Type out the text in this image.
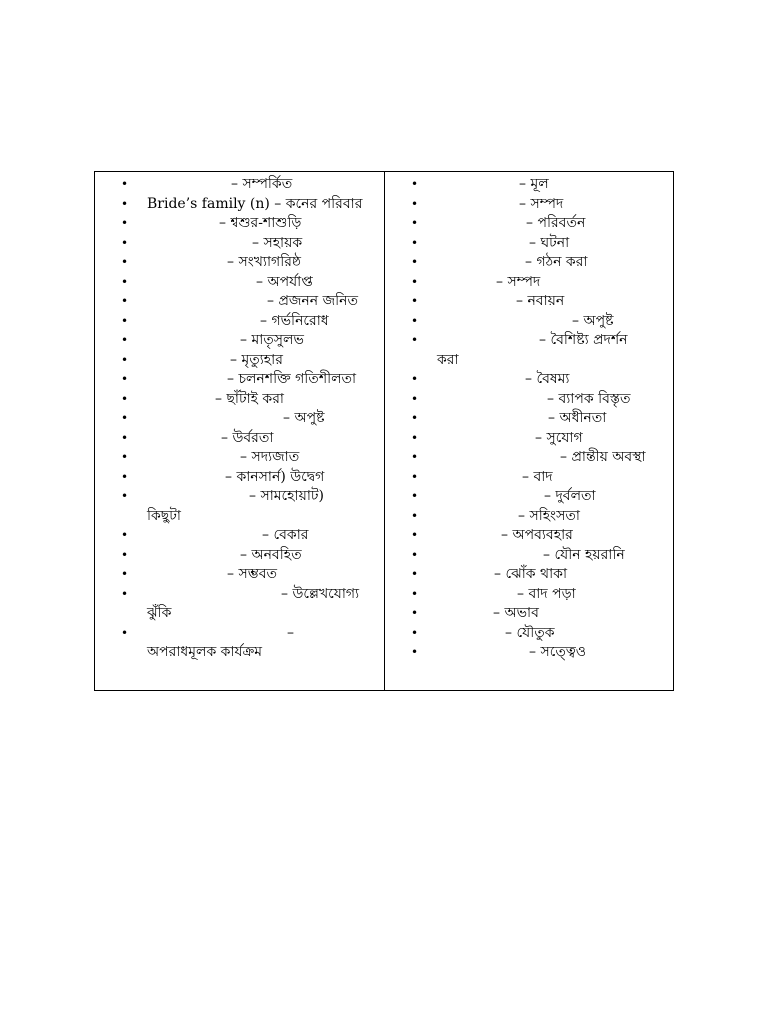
•	– সম্পর্কিত
• Bride’s family (n) – কনের পরিবার
•	– শ্বশুর-শাশুড়ি
•	– সহায়ক
•	– সংখ্যাগরিষ্ঠ
•	– অপর্যাপ্ত
•	– প্রজনন জনিত
•	– গর্ভনিরোধ
•	– মাতৃসুলভ
•	– মৃত্যুহার
•	– চলনশক্তি গতিশীলতা
•	– ছাঁটাই করা
•	– অপুষ্ট
•	– উর্বরতা
•	– সদ্যজাত
•	– কানসার্ন) উদ্বেগ
•	– সামহোয়াট)
কিছুটা
•	– বেকার
•	– অনবহিত
•	– সম্ভবত
•	– উল্লেখযোগ্য
ঝুঁকি
•	–
অপরাধমূলক কার্যক্রম
•	– মূল
•	– সম্পদ
•	– পরিবর্তন
•	– ঘটনা
•	– গঠন করা
•	– সম্পদ
•	– নবায়ন
•	– অপুষ্ট
•	– বৈশিষ্ট্য প্রদর্শন
করা
•	– বৈষম্য
•	– ব্যাপক বিস্তৃত
•	– অধীনতা
•	– সুযোগ
•	– প্রান্তীয় অবস্থা
•	– বাদ
•	– দুর্বলতা
•	– সহিংসতা
•	– অপব্যবহার
•	– যৌন হয়রানি
•	– ঝোঁক থাকা
•	– বাদ পড়া
•	– অভাব
•	– যৌতুক
•	– সত্ত্বেও
